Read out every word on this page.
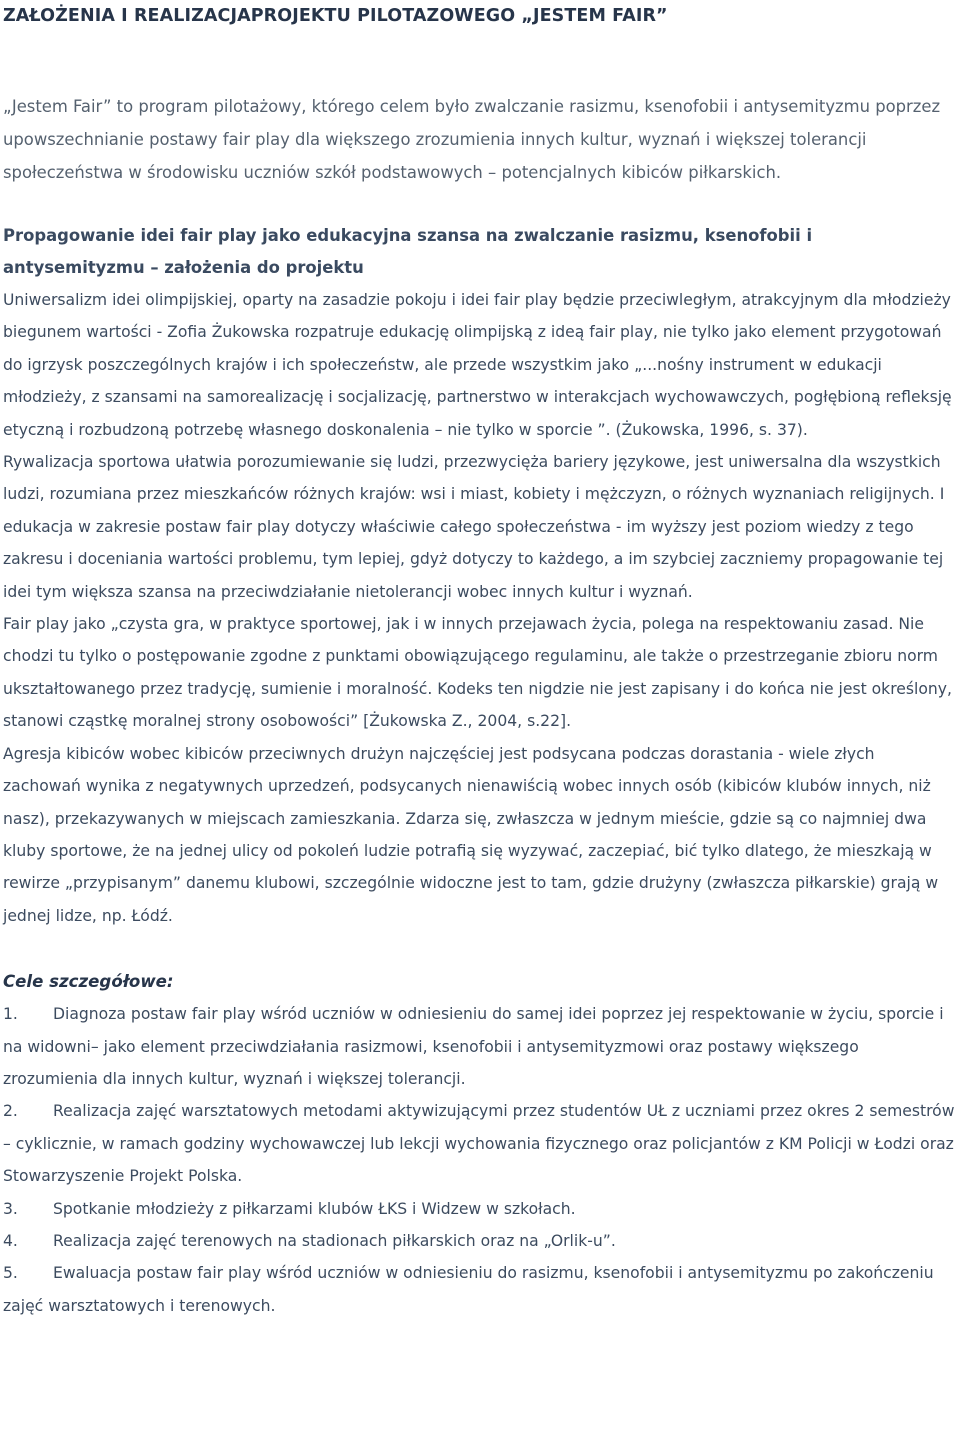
ZAŁOŻENIA I REALIZACJAPROJEKTU PILOTAZOWEGO „JESTEM FAIR”

„Jestem Fair” to program pilotażowy, którego celem było zwalczanie rasizmu, ksenofobii i antysemityzmu poprzez upowszechnianie postawy fair play dla większego zrozumienia innych kultur, wyznań i większej tolerancji społeczeństwa w środowisku uczniów szkół podstawowych – potencjalnych kibiców piłkarskich.

Propagowanie idei fair play jako edukacyjna szansa na zwalczanie rasizmu, ksenofobii i antysemityzmu – założenia do projektu

Uniwersalizm idei olimpijskiej, oparty na zasadzie pokoju i idei fair play będzie przeciwległym, atrakcyjnym dla młodzieży biegunem wartości - Zofia Żukowska rozpatruje edukację olimpijską z ideą fair play, nie tylko jako element przygotowań do igrzysk poszczególnych krajów i ich społeczeństw, ale przede wszystkim jako „...nośny instrument w edukacji młodzieży, z szansami na samorealizację i socjalizację, partnerstwo w interakcjach wychowawczych, pogłębioną refleksję etyczną i rozbudzoną potrzebę własnego doskonalenia – nie tylko w sporcie ”. (Żukowska, 1996, s. 37).

Rywalizacja sportowa ułatwia porozumiewanie się ludzi, przezwycięża bariery językowe, jest uniwersalna dla wszystkich ludzi, rozumiana przez mieszkańców różnych krajów: wsi i miast, kobiety i mężczyzn, o różnych wyznaniach religijnych. I edukacja w zakresie postaw fair play dotyczy właściwie całego społeczeństwa - im wyższy jest poziom wiedzy z tego zakresu i doceniania wartości problemu, tym lepiej, gdyż dotyczy to każdego, a im szybciej zaczniemy propagowanie tej idei tym większa szansa na przeciwdziałanie nietolerancji wobec innych kultur i wyznań.

Fair play jako „czysta gra, w praktyce sportowej, jak i w innych przejawach życia, polega na respektowaniu zasad. Nie chodzi tu tylko o postępowanie zgodne z punktami obowiązującego regulaminu, ale także o przestrzeganie zbioru norm ukształtowanego przez tradycję, sumienie i moralność. Kodeks ten nigdzie nie jest zapisany i do końca nie jest określony, stanowi cząstkę moralnej strony osobowości” [Żukowska Z., 2004, s.22].

Agresja kibiców wobec kibiców przeciwnych drużyn najczęściej jest podsycana podczas dorastania - wiele złych zachowań wynika z negatywnych uprzedzeń, podsycanych nienawiścią wobec innych osób (kibiców klubów innych, niż nasz), przekazywanych w miejscach zamieszkania. Zdarza się, zwłaszcza w jednym mieście, gdzie są co najmniej dwa kluby sportowe, że na jednej ulicy od pokoleń ludzie potrafią się wyzywać, zaczepiać, bić tylko dlatego, że mieszkają w rewirze „przypisanym” danemu klubowi, szczególnie widoczne jest to tam, gdzie drużyny (zwłaszcza piłkarskie) grają w jednej lidze, np. Łódź.

Cele szczegółowe:

1. Diagnoza postaw fair play wśród uczniów w odniesieniu do samej idei poprzez jej respektowanie w życiu, sporcie i na widowni– jako element przeciwdziałania rasizmowi, ksenofobii i antysemityzmowi oraz postawy większego zrozumienia dla innych kultur, wyznań i większej tolerancji.

2. Realizacja zajęć warsztatowych metodami aktywizującymi przez studentów UŁ z uczniami przez okres 2 semestrów – cyklicznie, w ramach godziny wychowawczej lub lekcji wychowania fizycznego oraz policjantów z KM Policji w Łodzi oraz Stowarzyszenie Projekt Polska.

3. Spotkanie młodzieży z piłkarzami klubów ŁKS i Widzew w szkołach.

4. Realizacja zajęć terenowych na stadionach piłkarskich oraz na „Orlik-u”.

5. Ewaluacja postaw fair play wśród uczniów w odniesieniu do rasizmu, ksenofobii i antysemityzmu po zakończeniu zajęć warsztatowych i terenowych.
